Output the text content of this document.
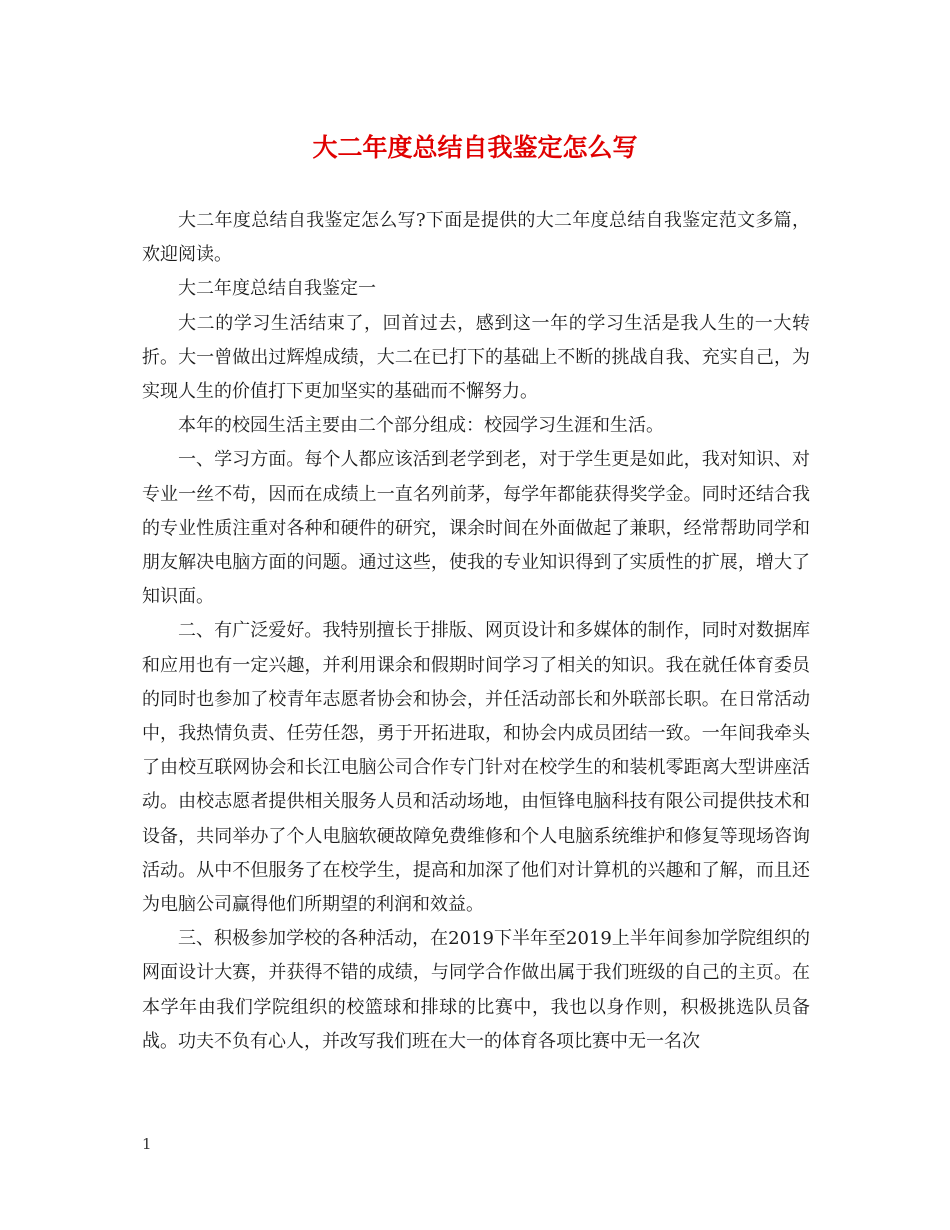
大二年度总结自我鉴定怎么写

大二年度总结自我鉴定怎么写?下面是提供的大二年度总结自我鉴定范文多篇，欢迎阅读。

大二年度总结自我鉴定一

大二的学习生活结束了，回首过去，感到这一年的学习生活是我人生的一大转折。大一曾做出过辉煌成绩，大二在已打下的基础上不断的挑战自我、充实自己，为实现人生的价值打下更加坚实的基础而不懈努力。

本年的校园生活主要由二个部分组成：校园学习生涯和生活。

一、学习方面。每个人都应该活到老学到老，对于学生更是如此，我对知识、对专业一丝不苟，因而在成绩上一直名列前茅，每学年都能获得奖学金。同时还结合我的专业性质注重对各种和硬件的研究，课余时间在外面做起了兼职，经常帮助同学和朋友解决电脑方面的问题。通过这些，使我的专业知识得到了实质性的扩展，增大了知识面。

二、有广泛爱好。我特别擅长于排版、网页设计和多媒体的制作，同时对数据库和应用也有一定兴趣，并利用课余和假期时间学习了相关的知识。我在就任体育委员的同时也参加了校青年志愿者协会和协会，并任活动部长和外联部长职。在日常活动中，我热情负责、任劳任怨，勇于开拓进取，和协会内成员团结一致。一年间我牵头了由校互联网协会和长江电脑公司合作专门针对在校学生的和装机零距离大型讲座活动。由校志愿者提供相关服务人员和活动场地，由恒锋电脑科技有限公司提供技术和设备，共同举办了个人电脑软硬故障免费维修和个人电脑系统维护和修复等现场咨询活动。从中不但服务了在校学生，提高和加深了他们对计算机的兴趣和了解，而且还为电脑公司赢得他们所期望的利润和效益。

三、积极参加学校的各种活动，在2019下半年至2019上半年间参加学院组织的网面设计大赛，并获得不错的成绩，与同学合作做出属于我们班级的自己的主页。在本学年由我们学院组织的校篮球和排球的比赛中，我也以身作则，积极挑选队员备战。功夫不负有心人，并改写我们班在大一的体育各项比赛中无一名次

1
